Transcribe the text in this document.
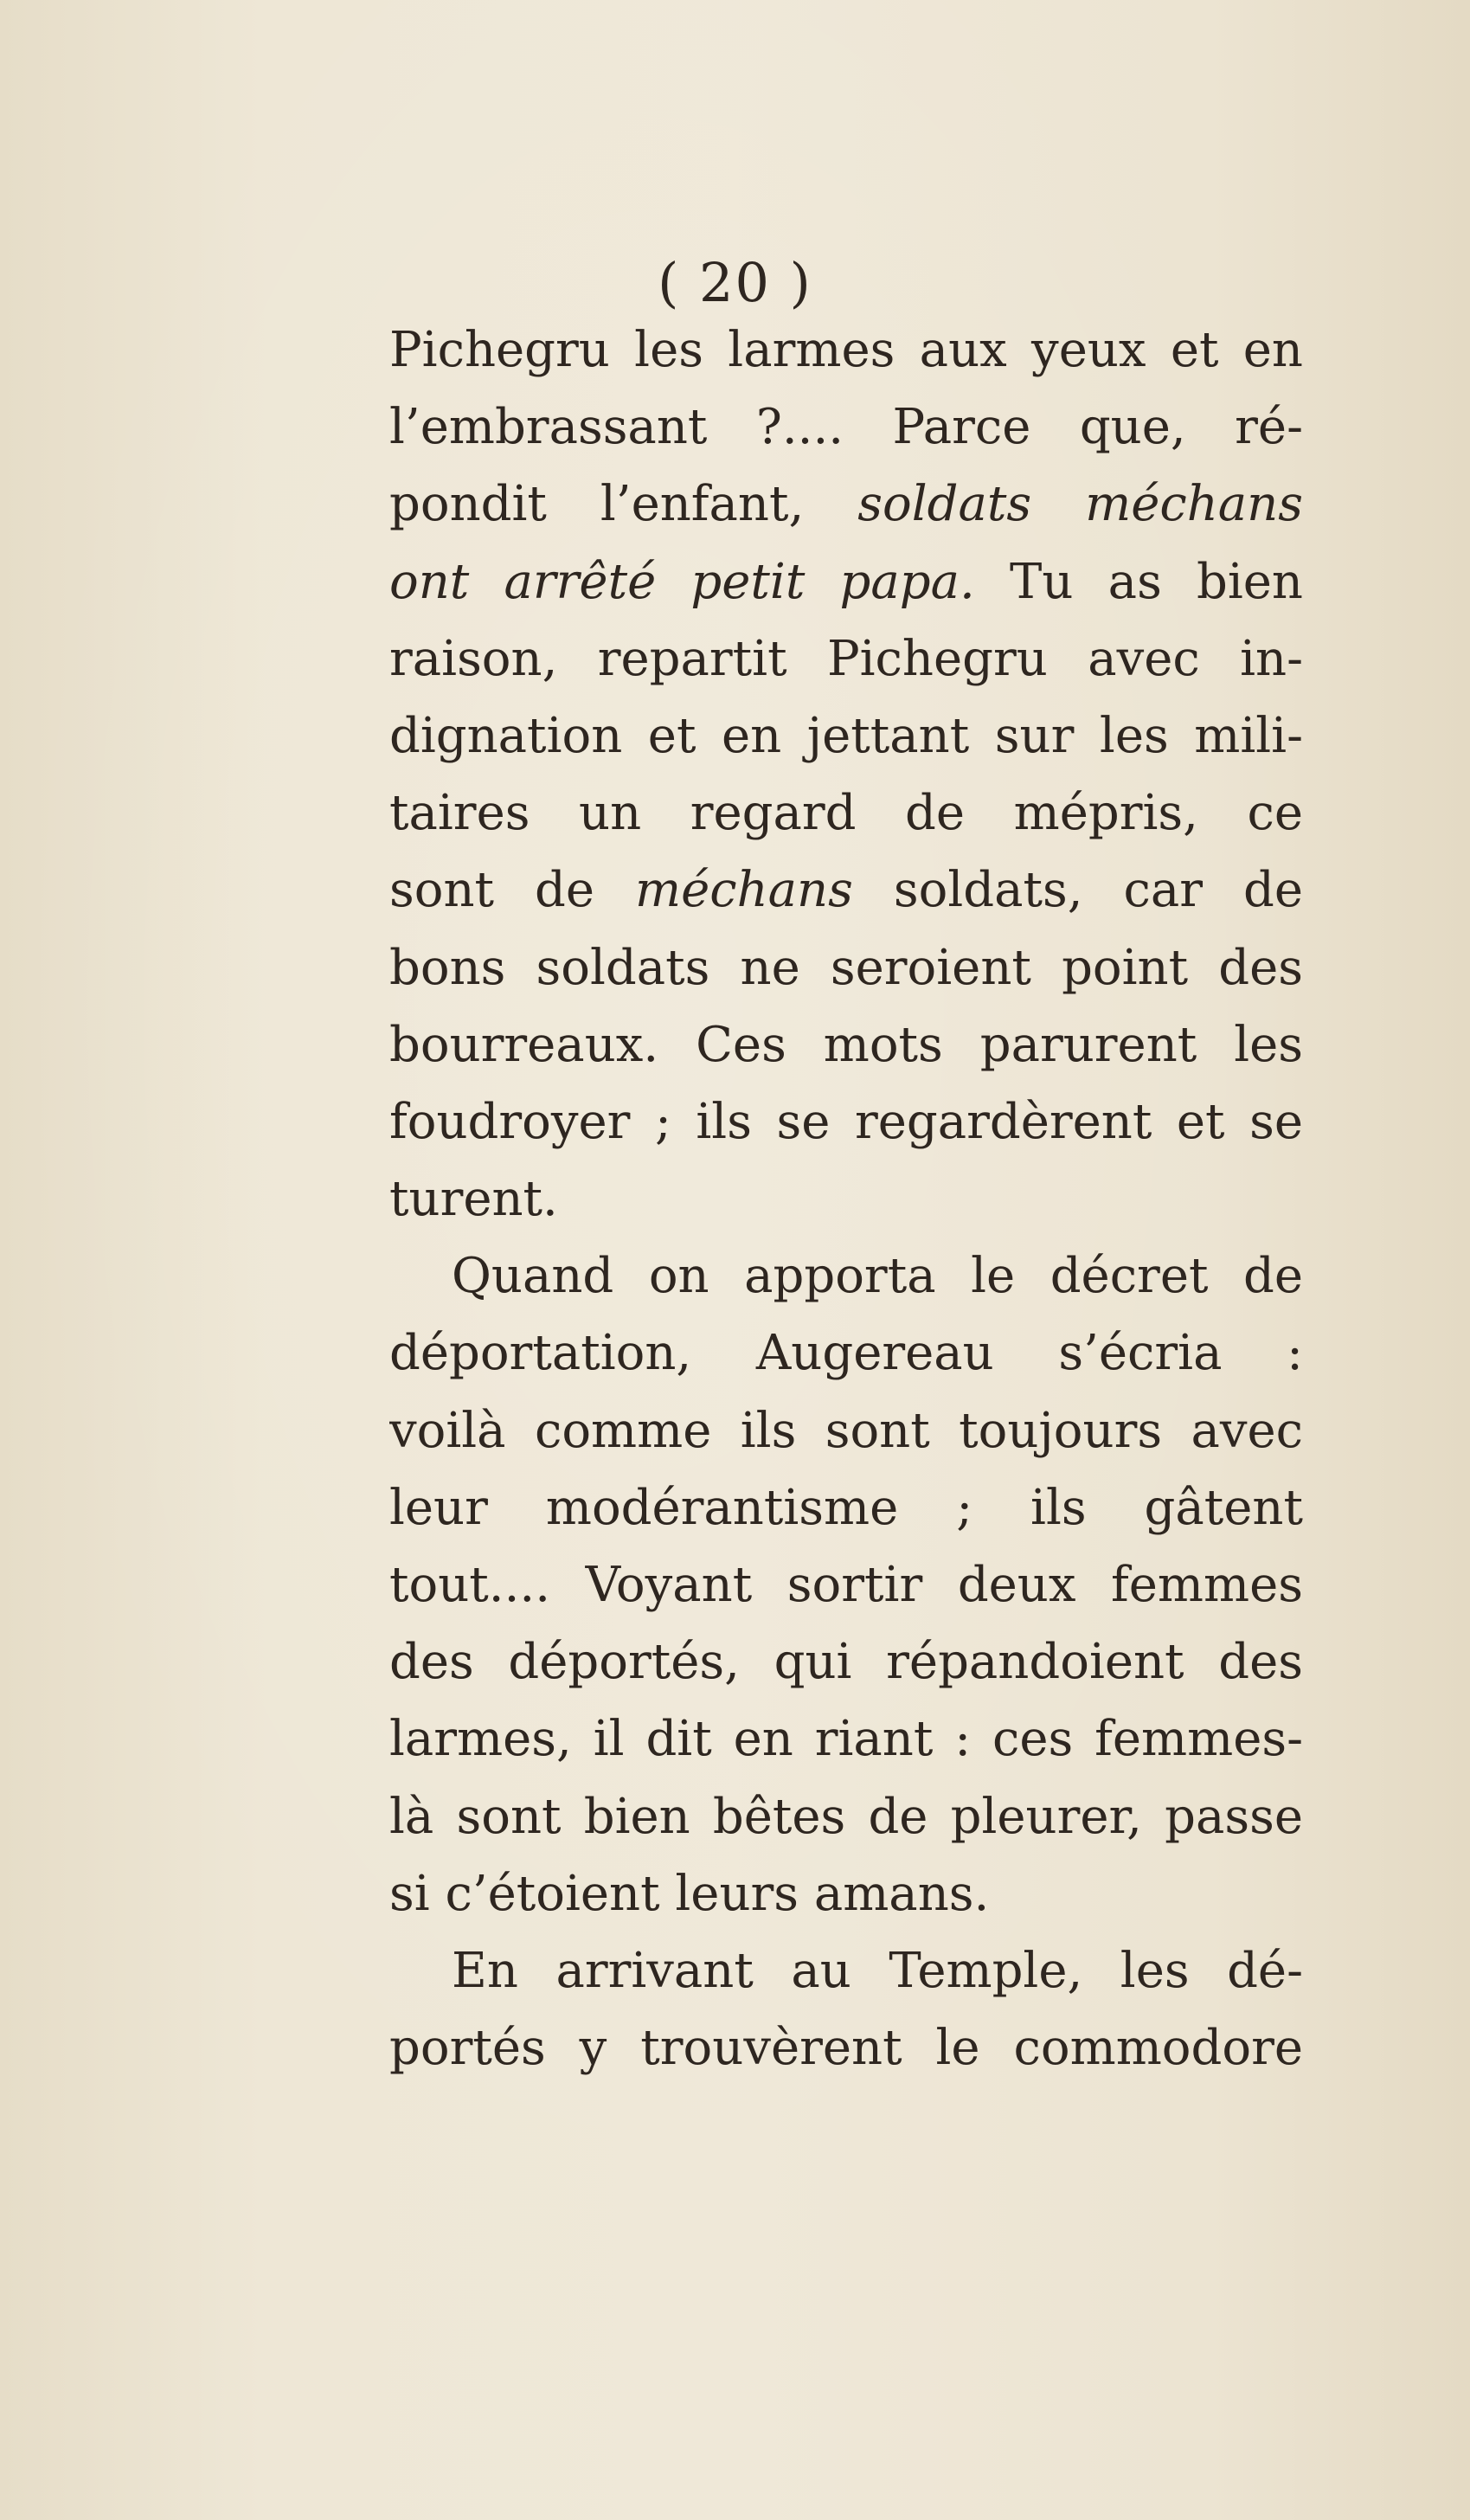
( 20 )
Pichegru les larmes aux yeux et en
l’embrassant ?.... Parce que, ré-
pondit l’enfant, soldats méchans
ont arrêté petit papa. Tu as bien
raison, repartit Pichegru avec in-
dignation et en jettant sur les mili-
taires un regard de mépris, ce
sont de méchans soldats, car de
bons soldats ne seroient point des
bourreaux. Ces mots parurent les
foudroyer ; ils se regardèrent et se
turent.
Quand on apporta le décret de
déportation, Augereau s’écria :
voilà comme ils sont toujours avec
leur modérantisme ; ils gâtent
tout.... Voyant sortir deux femmes
des déportés, qui répandoient des
larmes, il dit en riant : ces femmes-
là sont bien bêtes de pleurer, passe
si c’étoient leurs amans.
En arrivant au Temple, les dé-
portés y trouvèrent le commodore
